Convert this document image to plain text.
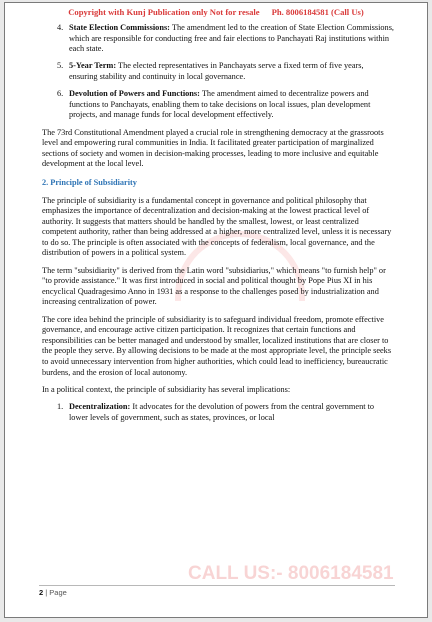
CALL US:- 8006184581
Copyright with Kunj Publication only Not for resale Ph. 8006184581 (Call Us)
4. State Election Commissions: The amendment led to the creation of State Election Commissions, which are responsible for conducting free and fair elections to Panchayati Raj institutions within each state.
5. 5-Year Term: The elected representatives in Panchayats serve a fixed term of five years, ensuring stability and continuity in local governance.
6. Devolution of Powers and Functions: The amendment aimed to decentralize powers and functions to Panchayats, enabling them to take decisions on local issues, plan development projects, and manage funds for local development effectively.

The 73rd Constitutional Amendment played a crucial role in strengthening democracy at the grassroots level and empowering rural communities in India. It facilitated greater participation of marginalized sections of society and women in decision-making processes, leading to more inclusive and equitable development at the local level.

2. Principle of Subsidiarity

The principle of subsidiarity is a fundamental concept in governance and political philosophy that emphasizes the importance of decentralization and decision-making at the lowest practical level of authority. It suggests that matters should be handled by the smallest, lowest, or least centralized competent authority, rather than being addressed at a higher, more centralized level, unless it is necessary to do so. The principle is often associated with the concepts of federalism, local governance, and the distribution of powers in a political system.

The term "subsidiarity" is derived from the Latin word "subsidiarius," which means "to furnish help" or "to provide assistance." It was first introduced in social and political thought by Pope Pius XI in his encyclical Quadragesimo Anno in 1931 as a response to the challenges posed by industrialization and increasing centralization of power.

The core idea behind the principle of subsidiarity is to safeguard individual freedom, promote effective governance, and encourage active citizen participation. It recognizes that certain functions and responsibilities can be better managed and understood by smaller, localized institutions that are closer to the people they serve. By allowing decisions to be made at the most appropriate level, the principle seeks to avoid unnecessary intervention from higher authorities, which could lead to inefficiency, bureaucratic burdens, and the erosion of local autonomy.

In a political context, the principle of subsidiarity has several implications:

1. Decentralization: It advocates for the devolution of powers from the central government to lower levels of government, such as states, provinces, or local
2 | Page
